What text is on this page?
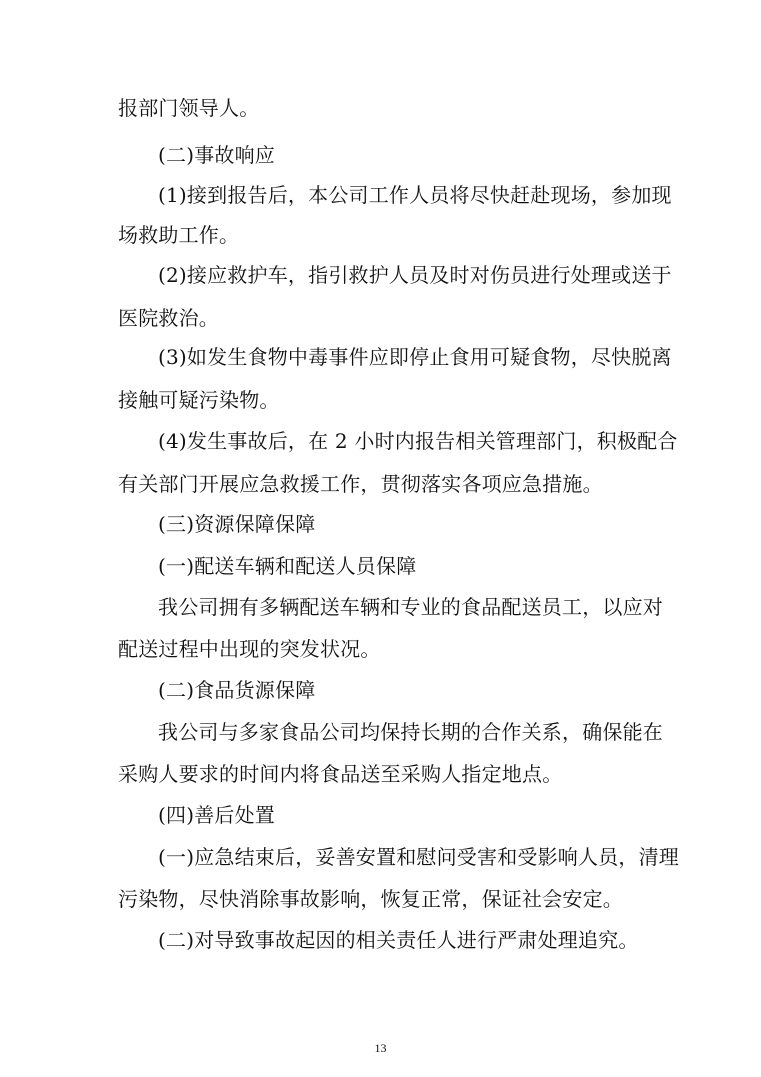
报部门领导人。
(二)事故响应
(1)接到报告后，本公司工作人员将尽快赶赴现场，参加现
场救助工作。
(2)接应救护车，指引救护人员及时对伤员进行处理或送于
医院救治。
(3)如发生食物中毒事件应即停止食用可疑食物，尽快脱离
接触可疑污染物。
(4)发生事故后，在 2 小时内报告相关管理部门，积极配合
有关部门开展应急救援工作，贯彻落实各项应急措施。
(三)资源保障保障
(一)配送车辆和配送人员保障
我公司拥有多辆配送车辆和专业的食品配送员工，以应对
配送过程中出现的突发状况。
(二)食品货源保障
我公司与多家食品公司均保持长期的合作关系，确保能在
采购人要求的时间内将食品送至采购人指定地点。
(四)善后处置
(一)应急结束后，妥善安置和慰问受害和受影响人员，清理
污染物，尽快消除事故影响，恢复正常，保证社会安定。
(二)对导致事故起因的相关责任人进行严肃处理追究。
13
